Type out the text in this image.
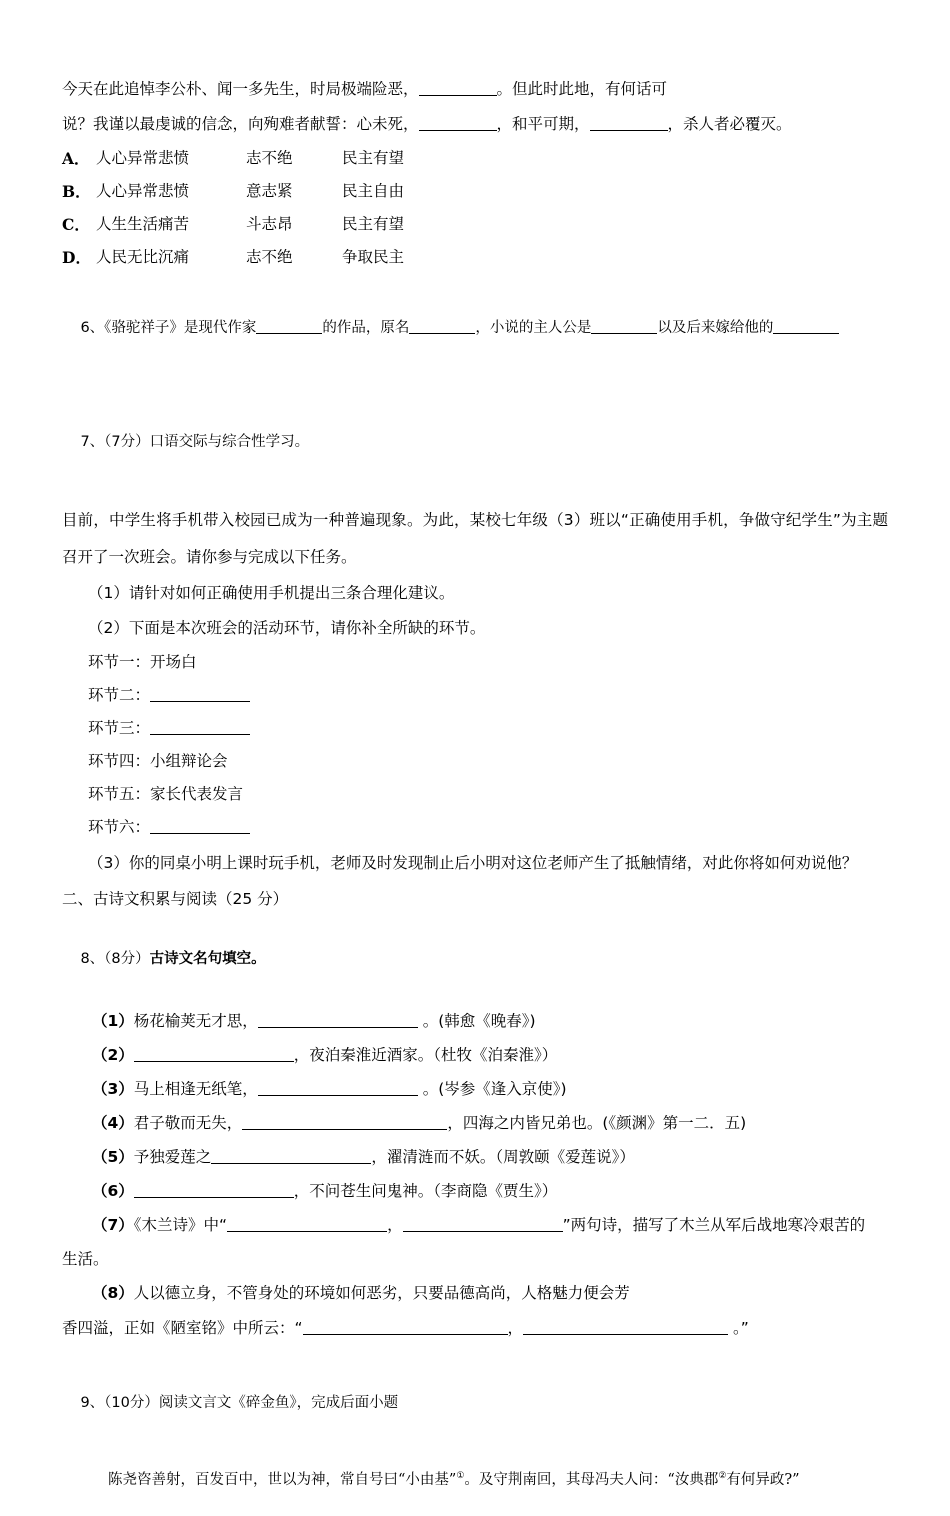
今天在此追悼李公朴、闻一多先生，时局极端险恶，	。但此时此地，有何话可
说？我谨以最虔诚的信念，向殉难者献誓：心未死，	，和平可期，	，杀人者必覆灭。
A． 人心异常悲愤	志不绝	民主有望
B． 人心异常悲愤	意志紧	民主自由
C． 人生生活痛苦	斗志昂	民主有望
D． 人民无比沉痛	志不绝	争取民主

6、《骆驼祥子》是现代作家	的作品，原名	，小说的主人公是	以及后来嫁给他的

7、（7分）口语交际与综合性学习。

目前，中学生将手机带入校园已成为一种普遍现象。为此，某校七年级（3）班以“正确使用手机，争做守纪学生”为主题召开了一次班会。请你参与完成以下任务。
（1）请针对如何正确使用手机提出三条合理化建议。
（2）下面是本次班会的活动环节，请你补全所缺的环节。
环节一：开场白
环节二：
环节三：
环节四：小组辩论会
环节五：家长代表发言
环节六：
（3）你的同桌小明上课时玩手机，老师及时发现制止后小明对这位老师产生了抵触情绪，对此你将如何劝说他？
二、古诗文积累与阅读（25 分）

8、（8分）古诗文名句填空。

（1）杨花榆荚无才思，	。(韩愈《晚春》)
（2）	，夜泊秦淮近酒家。（杜牧《泊秦淮》）
（3）马上相逢无纸笔，	。(岑参《逢入京使》)
（4）君子敬而无失，	，四海之内皆兄弟也。(《颜渊》第一二．五)
（5）予独爱莲之	，濯清涟而不妖。（周敦颐《爱莲说》）
（6）	，不问苍生问鬼神。（李商隐《贾生》）
（7）《木兰诗》中“	，	”两句诗，描写了木兰从军后战地寒冷艰苦的
生活。
（8）人以德立身，不管身处的环境如何恶劣，只要品德高尚，人格魅力便会芳
香四溢，正如《陋室铭》中所云：“	，	。”

9、（10分）阅读文言文《碎金鱼》，完成后面小题

陈尧咨善射，百发百中，世以为神，常自号曰“小由基”①。及守荆南回，其母冯夫人问：“汝典郡②有何异政?”
